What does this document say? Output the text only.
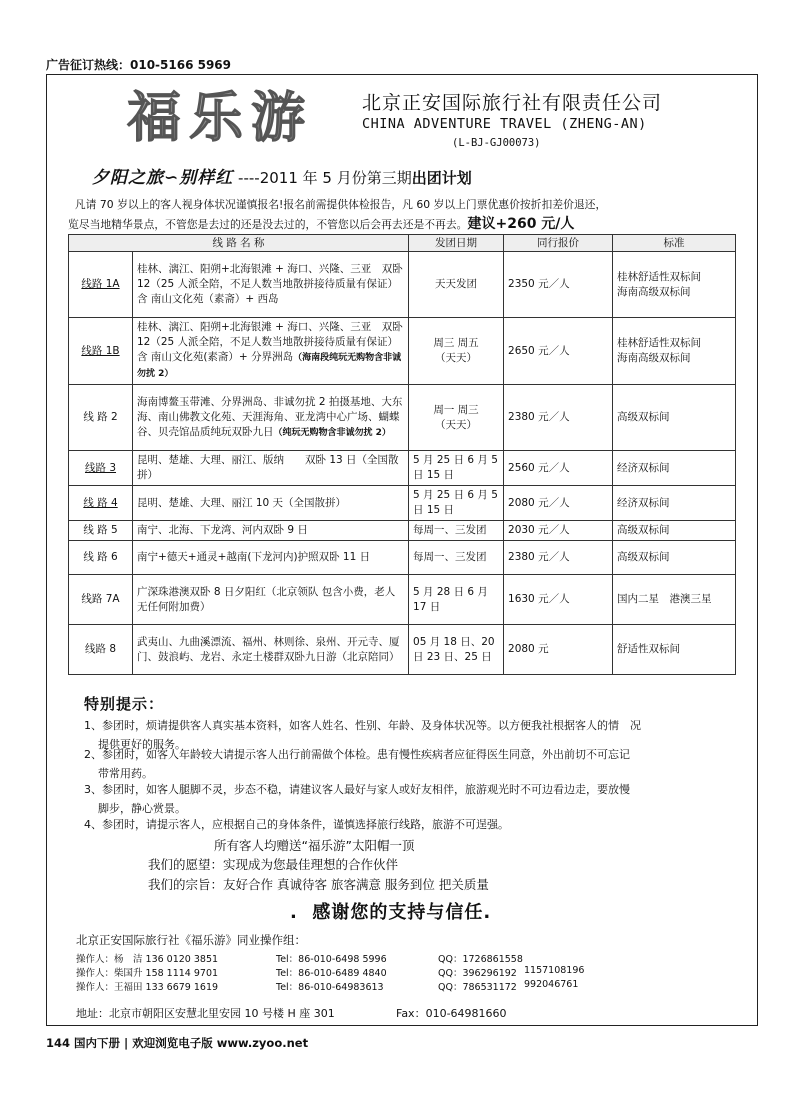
广告征订热线：010-5166 5969
福乐游	北京正安国际旅行社有限责任公司
CHINA ADVENTURE TRAVEL (ZHENG-AN)
(L-BJ-GJ00073)
夕阳之旅∽别样红 ----2011 年 5 月份第三期出团计划
凡请 70 岁以上的客人视身体状况谨慎报名!报名前需提供体检报告，凡 60 岁以上门票优惠价按折扣差价退还，
览尽当地精华景点，不管您是去过的还是没去过的，不管您以后会再去还是不再去。建议+260 元/人
线 路 名 称		发团日期	同行报价	标准
线路 1A	桂林、漓江、阳朔+北海银滩 + 海口、兴隆、三亚　双卧 12（25 人派全陪，不足人数当地散拼接待质量有保证）含 南山文化苑（素斋）+ 西岛	天天发团	2350 元／人	桂林舒适性双标间
海南高级双标间
线路 1B	桂林、漓江、阳朔+北海银滩 + 海口、兴隆、三亚　双卧 12（25 人派全陪，不足人数当地散拼接待质量有保证）含 南山文化苑(素斋）+ 分界洲岛（海南段纯玩无购物含非诚勿扰 2）	周三 周五
（天天）	2650 元／人	桂林舒适性双标间
海南高级双标间
线 路 2	海南博鳌玉带滩、分界洲岛、非诚勿扰 2 拍摄基地、大东海、南山佛教文化苑、天涯海角、亚龙湾中心广场、蝴蝶谷、贝壳馆品质纯玩双卧九日（纯玩无购物含非诚勿扰 2）	周一 周三
（天天）	2380 元／人	高级双标间
线路 3	昆明、楚雄、大理、丽江、版纳　　双卧 13 日（全国散拼）	5 月 25 日 6 月 5 日 15 日	2560 元／人	经济双标间
线 路 4	昆明、楚雄、大理、丽江 10 天（全国散拼）	5 月 25 日 6 月 5 日 15 日	2080 元／人	经济双标间
线 路 5	南宁、北海、下龙湾、河内双卧 9 日	每周一、三发团	2030 元／人	高级双标间
线 路 6	南宁+德天+通灵+越南(下龙河内)护照双卧 11 日	每周一、三发团	2380 元／人	高级双标间
线路 7A	广深珠港澳双卧 8 日夕阳红（北京领队 包含小费，老人无任何附加费）	5 月 28 日 6 月 17 日	1630 元／人	国内二星　港澳三星
线路 8	武夷山、九曲溪漂流、福州、林则徐、泉州、开元寺、厦门、鼓浪屿、龙岩、永定土楼群双卧九日游（北京陪同）	05 月 18 日、20 日 23 日、25 日	2080 元	舒适性双标间
特别提示：
1、参团时，烦请提供客人真实基本资料，如客人姓名、性别、年龄、及身体状况等。以方便我社根据客人的情　况
提供更好的服务。
2、参团时，如客人年龄较大请提示客人出行前需做个体检。患有慢性疾病者应征得医生同意，外出前切不可忘记
带常用药。
3、参团时，如客人腿脚不灵，步态不稳，请建议客人最好与家人或好友相伴，旅游观光时不可边看边走，要放慢
脚步，静心赏景。
4、参团时，请提示客人，应根据自己的身体条件，谨慎选择旅行线路，旅游不可逞强。
所有客人均赠送“福乐游”太阳帽一顶
我们的愿望：实现成为您最佳理想的合作伙伴
我们的宗旨：友好合作 真诚待客 旅客满意 服务到位 把关质量
.  感谢您的支持与信任.
北京正安国际旅行社《福乐游》同业操作组：
操作人：杨　洁 136 0120 3851	Tel：86-010-6498 5996	QQ：1726861558
操作人：柴国升 158 1114 9701	Tel：86-010-6489 4840	QQ：396296192 1157108196
操作人：王福田 133 6679 1619	Tel：86-010-64983613	QQ：786531172 992046761
地址：北京市朝阳区安慧北里安园 10 号楼 H 座 301	Fax：010-64981660
144 国内下册 | 欢迎浏览电子版 www.zyoo.net
